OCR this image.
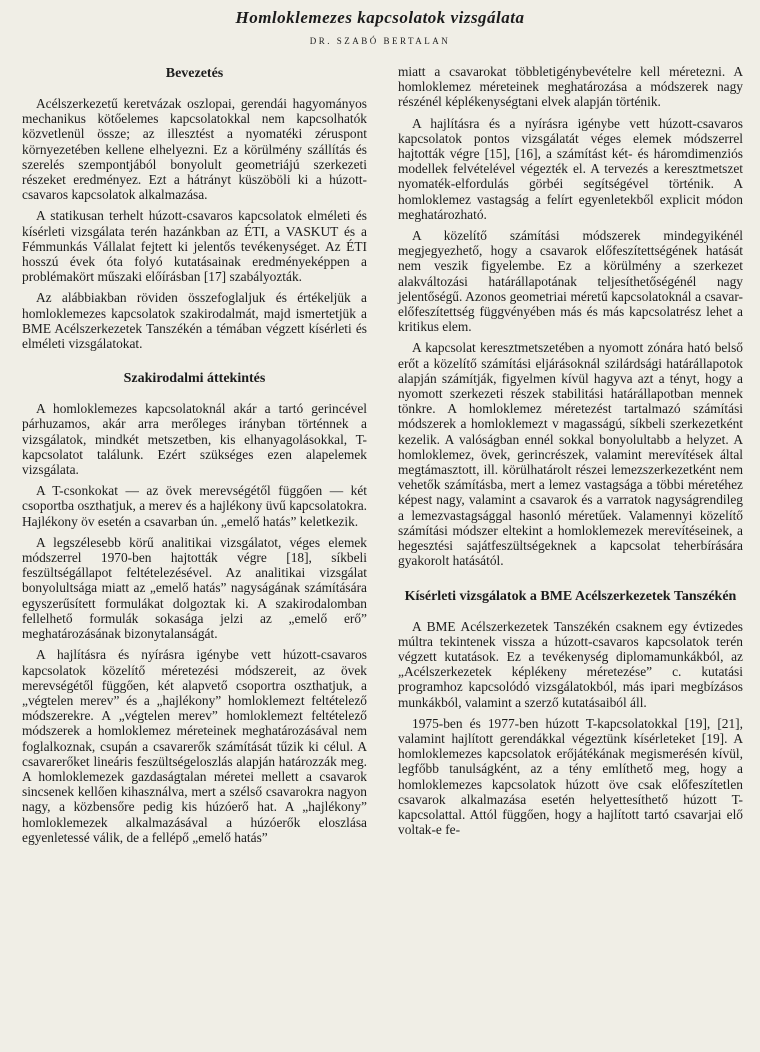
Homloklemezes kapcsolatok vizsgálata
DR. SZABÓ BERTALAN
Bevezetés

Acélszerkezetű keretvázak oszlopai, gerendái hagyományos mechanikus kötőelemes kapcsolatokkal nem kapcsolhatók közvetlenül össze; az illesztést a nyomatéki zéruspont környezetében kellene elhelyezni. Ez a körülmény szállítás és szerelés szempontjából bonyolult geometriájú szerkezeti részeket eredményez. Ezt a hátrányt küszöböli ki a húzott-csavaros kapcsolatok alkalmazása.

A statikusan terhelt húzott-csavaros kapcsolatok elméleti és kísérleti vizsgálata terén hazánkban az ÉTI, a VASKUT és a Fémmunkás Vállalat fejtett ki jelentős tevékenységet. Az ÉTI hosszú évek óta folyó kutatásainak eredményeképpen a problémakört műszaki előírásban [17] szabályozták.

Az alábbiakban röviden összefoglaljuk és értékeljük a homloklemezes kapcsolatok szakirodalmát, majd ismertetjük a BME Acélszerkezetek Tanszékén a témában végzett kísérleti és elméleti vizsgálatokat.

Szakirodalmi áttekintés

A homloklemezes kapcsolatoknál akár a tartó gerincével párhuzamos, akár arra merőleges irányban történnek a vizsgálatok, mindkét metszetben, kis elhanyagolásokkal, T-kapcsolatot találunk. Ezért szükséges ezen alapelemek vizsgálata.

A T-csonkokat — az övek merevségétől függően — két csoportba oszthatjuk, a merev és a hajlékony üvű kapcsolatokra. Hajlékony öv esetén a csavarban ún. „emelő hatás” keletkezik.

A legszélesebb körű analitikai vizsgálatot, véges elemek módszerrel 1970-ben hajtották végre [18], síkbeli feszültségállapot feltételezésével. Az analitikai vizsgálat bonyolultsága miatt az „emelő hatás” nagyságának számítására egyszerűsített formulákat dolgoztak ki. A szakirodalomban fellelhető formulák sokasága jelzi az „emelő erő” meghatározásának bizonytalanságát.

A hajlításra és nyírásra igénybe vett húzott-csavaros kapcsolatok közelítő méretezési módszereit, az övek merevségétől függően, két alapvető csoportra oszthatjuk, a „végtelen merev” és a „hajlékony” homloklemezt feltételező módszerekre. A „végtelen merev” homloklemezt feltételező módszerek a homloklemez méreteinek meghatározásával nem foglalkoznak, csupán a csavarerők számítását tűzik ki célul. A csavarerőket lineáris feszültségeloszlás alapján határozzák meg. A homloklemezek gazdaságtalan méretei mellett a csavarok sincsenek kellően kihasználva, mert a szélső csavarokra nagyon nagy, a közbensőre pedig kis húzóerő hat. A „hajlékony” homloklemezek alkalmazásával a húzóerők eloszlása egyenletessé válik, de a fellépő „emelő hatás”

miatt a csavarokat többletigénybevételre kell méretezni. A homloklemez méreteinek meghatározása a módszerek nagy részénél képlékenységtani elvek alapján történik.

A hajlításra és a nyírásra igénybe vett húzott-csavaros kapcsolatok pontos vizsgálatát véges elemek módszerrel hajtották végre [15], [16], a számítást két- és háromdimenziós modellek felvételével végezték el. A tervezés a keresztmetszet nyomaték-elfordulás görbéi segítségével történik. A homloklemez vastagság a felírt egyenletekből explicit módon meghatározható.

A közelítő számítási módszerek mindegyikénél megjegyezhető, hogy a csavarok előfeszítettségének hatását nem veszik figyelembe. Ez a körülmény a szerkezet alakváltozási határállapotának teljesíthetőségénél nagy jelentőségű. Azonos geometriai méretű kapcsolatoknál a csavar-előfeszítettség függvényében más és más kapcsolatrész lehet a kritikus elem.

A kapcsolat keresztmetszetében a nyomott zónára ható belső erőt a közelítő számítási eljárásoknál szilárdsági határállapotok alapján számítják, figyelmen kívül hagyva azt a tényt, hogy a nyomott szerkezeti részek stabilitási határállapotban mennek tönkre. A homloklemez méretezést tartalmazó számítási módszerek a homloklemezt v magasságú, síkbeli szerkezetként kezelik. A valóságban ennél sokkal bonyolultabb a helyzet. A homloklemez, övek, gerincrészek, valamint merevítések által megtámasztott, ill. körülhatárolt részei lemezszerkezetként nem vehetők számításba, mert a lemez vastagsága a többi méretéhez képest nagy, valamint a csavarok és a varratok nagyságrendileg a lemezvastagsággal hasonló méretűek. Valamennyi közelítő számítási módszer eltekint a homloklemezek merevítéseinek, a hegesztési sajátfeszültségeknek a kapcsolat teherbírására gyakorolt hatásától.

Kísérleti vizsgálatok a BME Acélszerkezetek Tanszékén

A BME Acélszerkezetek Tanszékén csaknem egy évtizedes múltra tekintenek vissza a húzott-csavaros kapcsolatok terén végzett kutatások. Ez a tevékenység diplomamunkákból, az „Acélszerkezetek képlékeny méretezése” c. kutatási programhoz kapcsolódó vizsgálatokból, más ipari megbízásos munkákból, valamint a szerző kutatásaiból áll.

1975-ben és 1977-ben húzott T-kapcsolatokkal [19], [21], valamint hajlított gerendákkal végeztünk kísérleteket [19]. A homloklemezes kapcsolatok erőjátékának megismerésén kívül, legfőbb tanulságként, az a tény említhető meg, hogy a homloklemezes kapcsolatok húzott öve csak előfeszítetlen csavarok alkalmazása esetén helyettesíthető húzott T-kapcsolattal. Attól függően, hogy a hajlított tartó csavarjai elő voltak-e fe-
